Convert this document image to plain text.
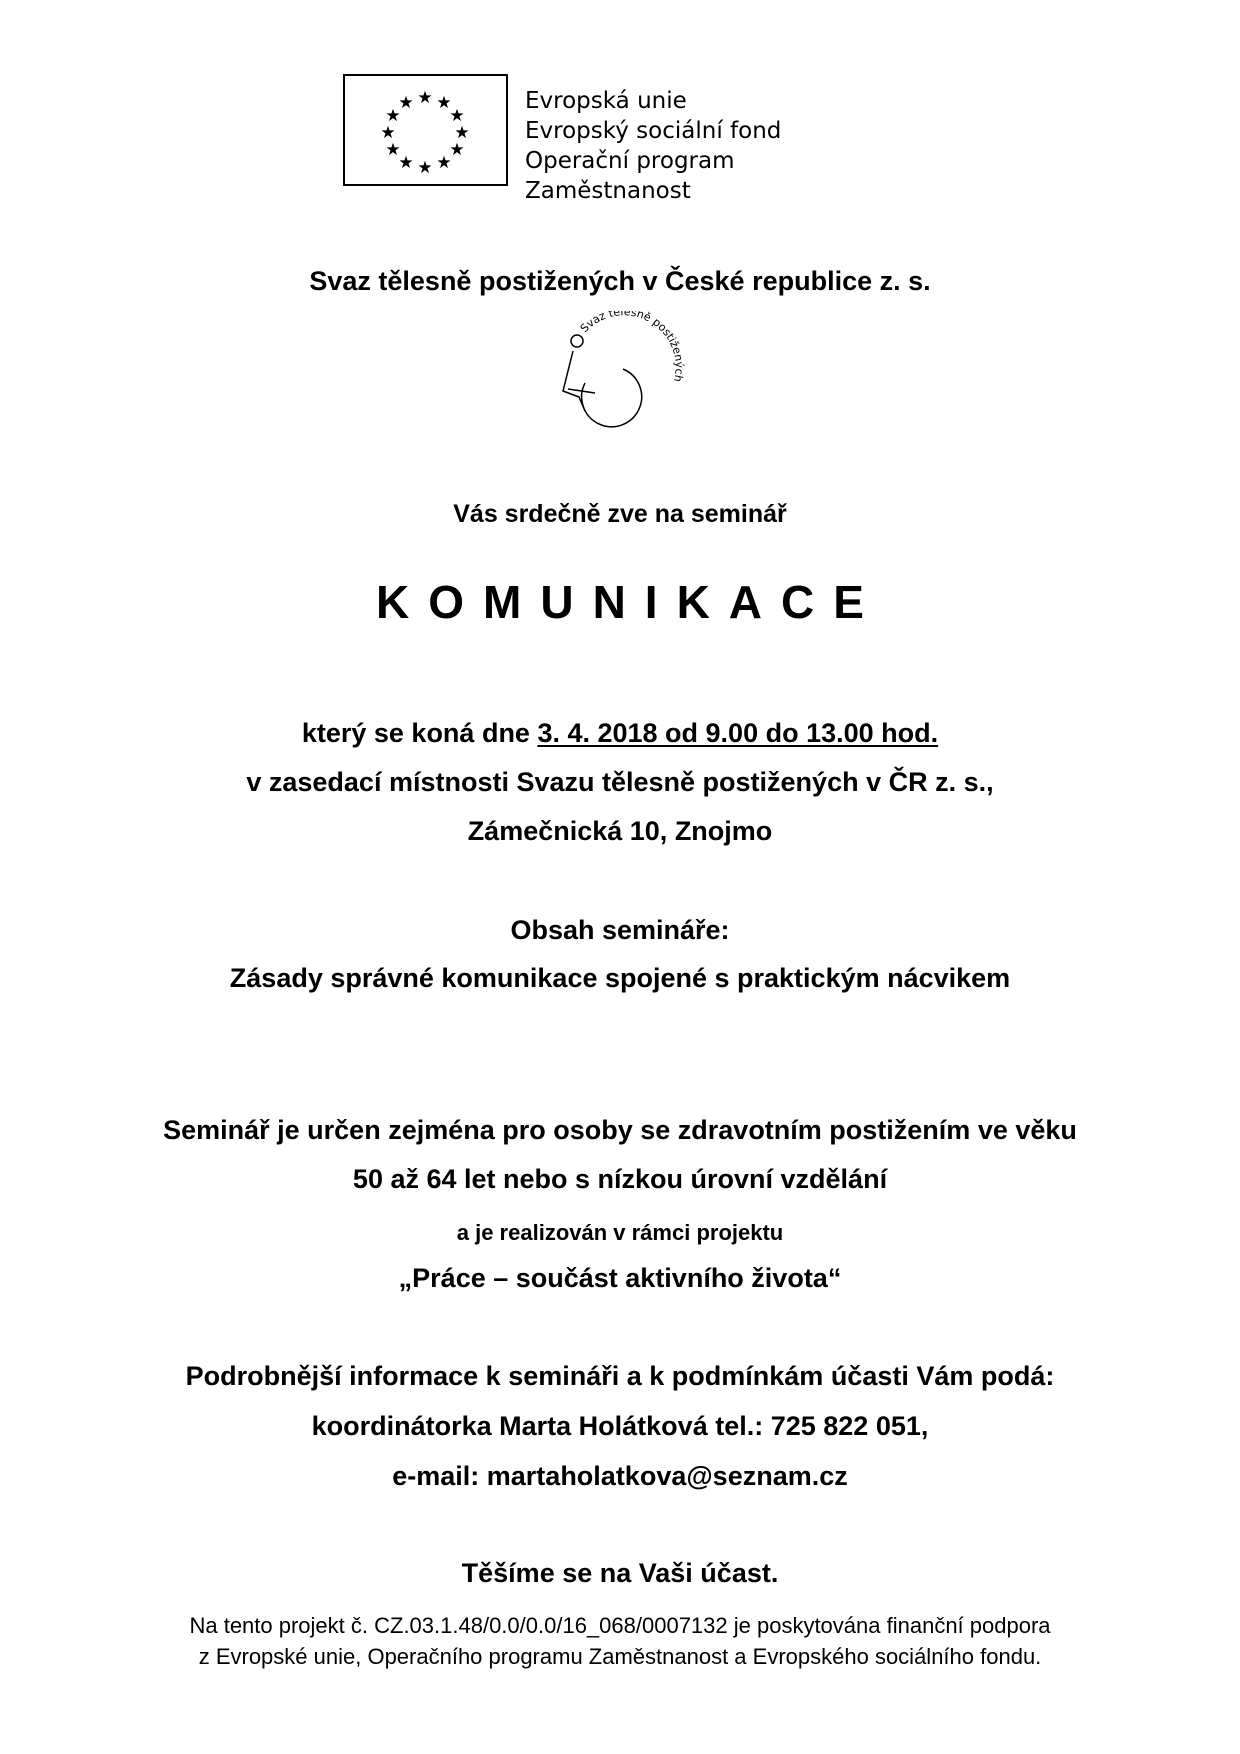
★ ★
★
★
★
★
★
★
★
★
★
★	Evropská unie
Evropský sociální fond
Operační program Zaměstnanost
Svaz tělesně postižených v České republice z. s.
Svaz tělesně postižených
Vás srdečně zve na seminář
KOMUNIKACE
který se koná dne 3. 4. 2018 od 9.00 do 13.00 hod.
v zasedací místnosti Svazu tělesně postižených v ČR z. s.,
Zámečnická 10, Znojmo
Obsah semináře:
Zásady správné komunikace spojené s praktickým nácvikem
Seminář je určen zejména pro osoby se zdravotním postižením ve věku
50 až 64 let nebo s nízkou úrovní vzdělání
a je realizován v rámci projektu
„Práce – součást aktivního života“
Podrobnější informace k semináři a k podmínkám účasti Vám podá:
koordinátorka Marta Holátková tel.: 725 822 051,
e-mail: martaholatkova@seznam.cz
Těšíme se na Vaši účast.
Na tento projekt č. CZ.03.1.48/0.0/0.0/16_068/0007132 je poskytována finanční podpora
z Evropské unie, Operačního programu Zaměstnanost a Evropského sociálního fondu.
